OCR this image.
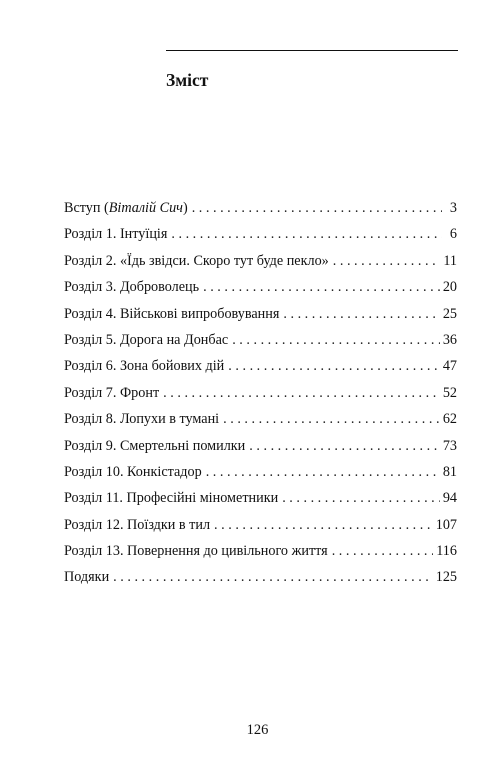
Зміст
Вступ (Віталій Сич) . . .	3
Розділ 1. Інтуїція . . .	6
Розділ 2. «Їдь звідси. Скоро тут буде пекло» . . .	11
Розділ 3. Доброволець . . .	20
Розділ 4. Військові випробовування . . .	25
Розділ 5. Дорога на Донбас . . .	36
Розділ 6. Зона бойових дій . . .	47
Розділ 7. Фронт . . .	52
Розділ 8. Лопухи в тумані . . .	62
Розділ 9. Смертельні помилки . . .	73
Розділ 10. Конкістадор . . .	81
Розділ 11. Професійні мінометники . . .	94
Розділ 12. Поїздки в тил . . .	107
Розділ 13. Повернення до цивільного життя . . .	116
Подяки . . .	125

126
